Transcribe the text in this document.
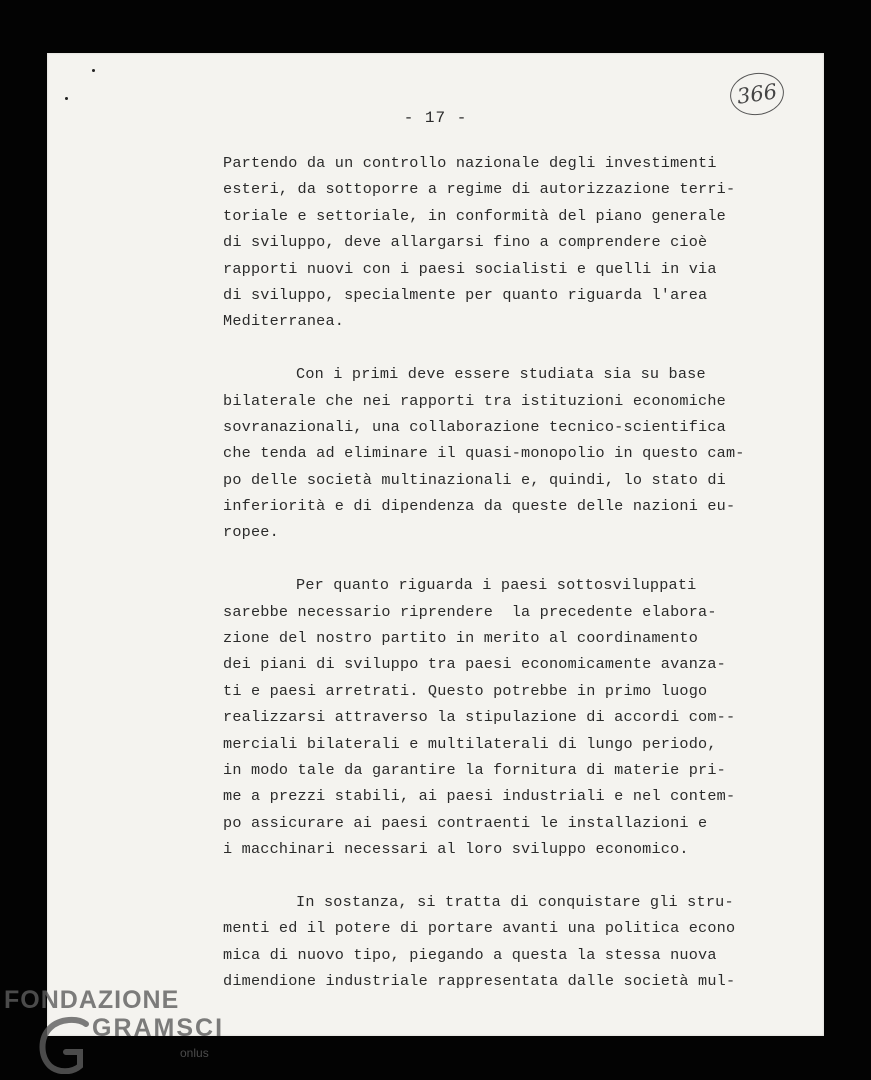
- 17 -
366
Partendo da un controllo nazionale degli investimenti
esteri, da sottoporre a regime di autorizzazione terri-
toriale e settoriale, in conformità del piano generale
di sviluppo, deve allargarsi fino a comprendere cioè
rapporti nuovi con i paesi socialisti e quelli in via
di sviluppo, specialmente per quanto riguarda l'area
Mediterranea.
Con i primi deve essere studiata sia su base
bilaterale che nei rapporti tra istituzioni economiche
sovranazionali, una collaborazione tecnico-scientifica
che tenda ad eliminare il quasi-monopolio in questo cam-
po delle società multinazionali e, quindi, lo stato di
inferiorità e di dipendenza da queste delle nazioni eu-
ropee.
Per quanto riguarda i paesi sottosviluppati
sarebbe necessario riprendere  la precedente elabora-
zione del nostro partito in merito al coordinamento
dei piani di sviluppo tra paesi economicamente avanza-
ti e paesi arretrati. Questo potrebbe in primo luogo
realizzarsi attraverso la stipulazione di accordi com--
merciali bilaterali e multilaterali di lungo periodo,
in modo tale da garantire la fornitura di materie pri-
me a prezzi stabili, ai paesi industriali e nel contem-
po assicurare ai paesi contraenti le installazioni e
i macchinari necessari al loro sviluppo economico.
In sostanza, si tratta di conquistare gli stru-
menti ed il potere di portare avanti una politica econo
mica di nuovo tipo, piegando a questa la stessa nuova
dimendione industriale rappresentata dalle società mul-
FONDAZIONE
GRAMSCI
onlus
